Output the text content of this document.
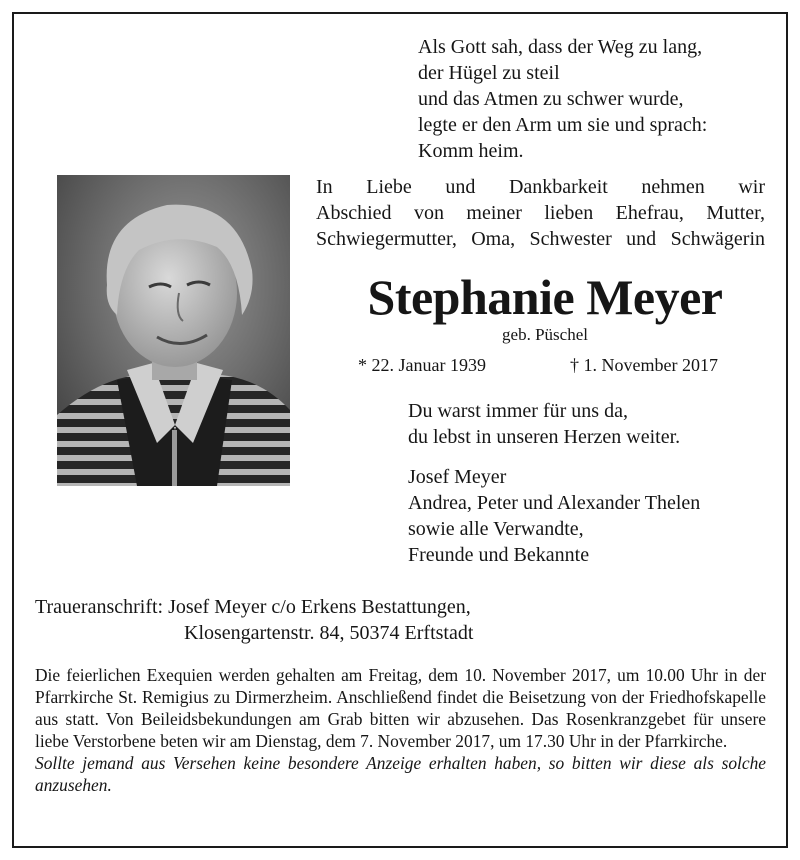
Als Gott sah, dass der Weg zu lang,
der Hügel zu steil
und das Atmen zu schwer wurde,
legte er den Arm um sie und sprach:
Komm heim.
In Liebe und Dankbarkeit nehmen wir
Abschied von meiner lieben Ehefrau, Mutter,
Schwiegermutter, Oma, Schwester und Schwägerin
Stephanie Meyer
geb. Püschel
* 22. Januar 1939	† 1. November 2017
Du warst immer für uns da,
du lebst in unseren Herzen weiter.
Josef Meyer
Andrea, Peter und Alexander Thelen
sowie alle Verwandte,
Freunde und Bekannte
Traueranschrift: Josef Meyer c/o Erkens Bestattungen,
Klosengartenstr. 84, 50374 Erftstadt
Die feierlichen Exequien werden gehalten am Freitag, dem 10. November 2017, um 10.00 Uhr in der Pfarrkirche St. Remigius zu Dirmerzheim. Anschließend findet die Beisetzung von der Friedhofskapelle aus statt. Von Beileidsbekundungen am Grab bitten wir abzusehen. Das Rosenkranzgebet für unsere liebe Verstorbene beten wir am Dienstag, dem 7. November 2017, um 17.30 Uhr in der Pfarrkirche.
Sollte jemand aus Versehen keine besondere Anzeige erhalten haben, so bitten wir diese als solche anzusehen.
